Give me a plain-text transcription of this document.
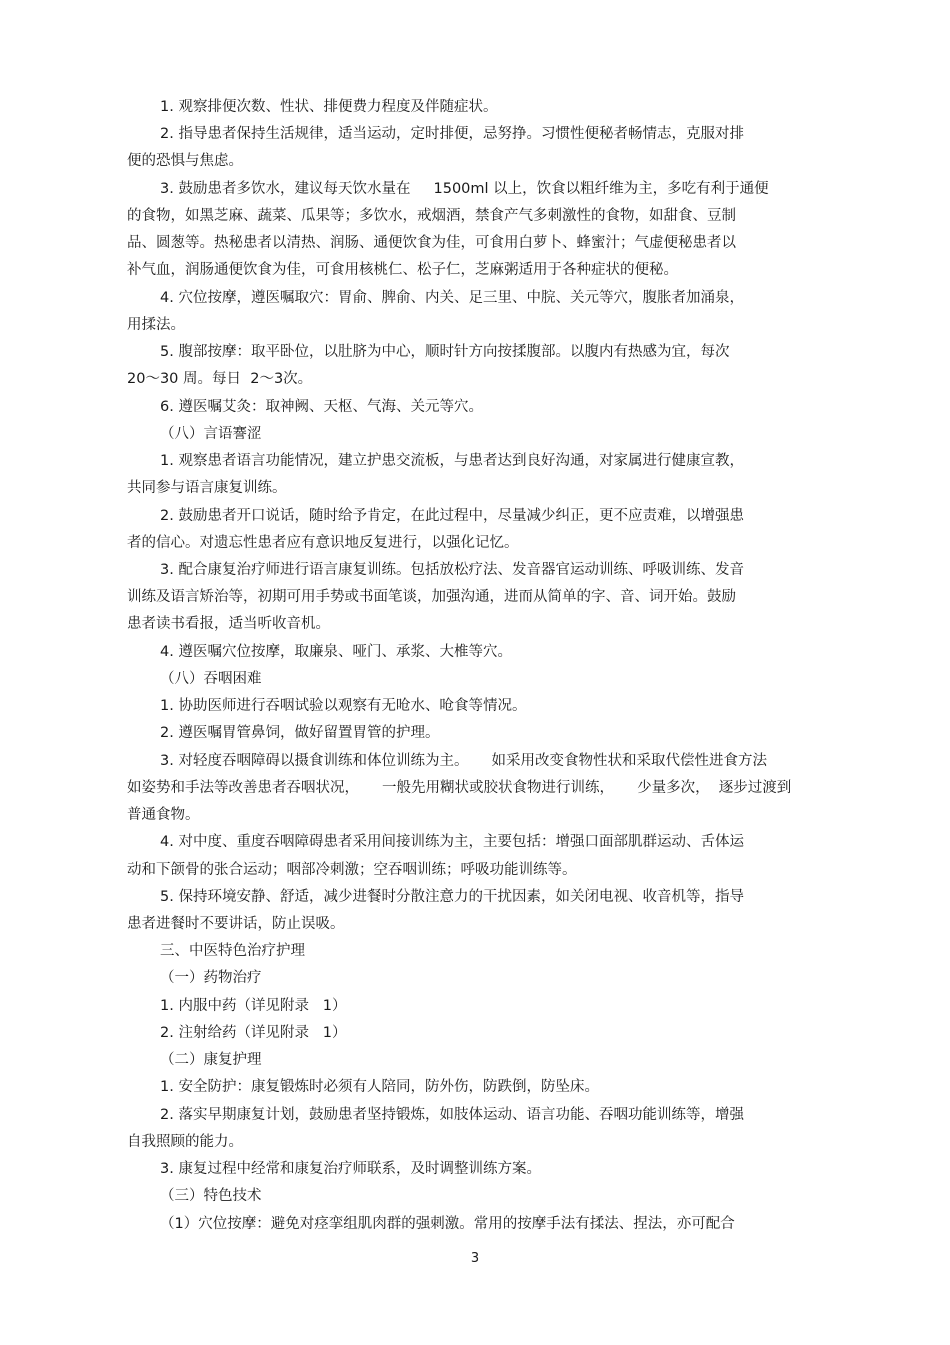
1. 观察排便次数、性状、排便费力程度及伴随症状。

2. 指导患者保持生活规律，适当运动，定时排便，忌努挣。习惯性便秘者畅情志，克服对排

便的恐惧与焦虑。

3. 鼓励患者多饮水，建议每天饮水量在     1500ml 以上，饮食以粗纤维为主，多吃有利于通便

的食物，如黑芝麻、蔬菜、瓜果等；多饮水，戒烟酒，禁食产气多刺激性的食物，如甜食、豆制

品、圆葱等。热秘患者以清热、润肠、通便饮食为佳，可食用白萝卜、蜂蜜汁；气虚便秘患者以

补气血，润肠通便饮食为佳，可食用核桃仁、松子仁，芝麻粥适用于各种症状的便秘。

4. 穴位按摩，遵医嘱取穴：胃俞、脾俞、内关、足三里、中脘、关元等穴，腹胀者加涌泉，

用揉法。

5. 腹部按摩：取平卧位，以肚脐为中心，顺时针方向按揉腹部。以腹内有热感为宜，每次

20～30 周。每日  2～3次。

6. 遵医嘱艾灸：取神阙、天枢、气海、关元等穴。

（八）言语謇涩

1. 观察患者语言功能情况，建立护患交流板，与患者达到良好沟通，对家属进行健康宣教，

共同参与语言康复训练。

2. 鼓励患者开口说话，随时给予肯定，在此过程中，尽量减少纠正，更不应责难，以增强患

者的信心。对遗忘性患者应有意识地反复进行，以强化记忆。

3. 配合康复治疗师进行语言康复训练。包括放松疗法、发音器官运动训练、呼吸训练、发音

训练及语言矫治等，初期可用手势或书面笔谈，加强沟通，进而从简单的字、音、词开始。鼓励

患者读书看报，适当听收音机。

4. 遵医嘱穴位按摩，取廉泉、哑门、承浆、大椎等穴。

（八）吞咽困难

1. 协助医师进行吞咽试验以观察有无呛水、呛食等情况。

2. 遵医嘱胃管鼻饲，做好留置胃管的护理。

3. 对轻度吞咽障碍以摄食训练和体位训练为主。     如采用改变食物性状和采取代偿性进食方法

如姿势和手法等改善患者吞咽状况，     一般先用糊状或胶状食物进行训练，     少量多次，  逐步过渡到

普通食物。

4. 对中度、重度吞咽障碍患者采用间接训练为主，主要包括：增强口面部肌群运动、舌体运

动和下颌骨的张合运动；咽部冷刺激；空吞咽训练；呼吸功能训练等。

5. 保持环境安静、舒适，减少进餐时分散注意力的干扰因素，如关闭电视、收音机等，指导

患者进餐时不要讲话，防止误吸。

三、中医特色治疗护理

（一）药物治疗

1. 内服中药（详见附录   1）

2. 注射给药（详见附录   1）

（二）康复护理

1. 安全防护：康复锻炼时必须有人陪同，防外伤，防跌倒，防坠床。

2. 落实早期康复计划，鼓励患者坚持锻炼，如肢体运动、语言功能、吞咽功能训练等，增强

自我照顾的能力。

3. 康复过程中经常和康复治疗师联系，及时调整训练方案。

（三）特色技术

（1）穴位按摩：避免对痉挛组肌肉群的强刺激。常用的按摩手法有揉法、捏法，亦可配合

3
